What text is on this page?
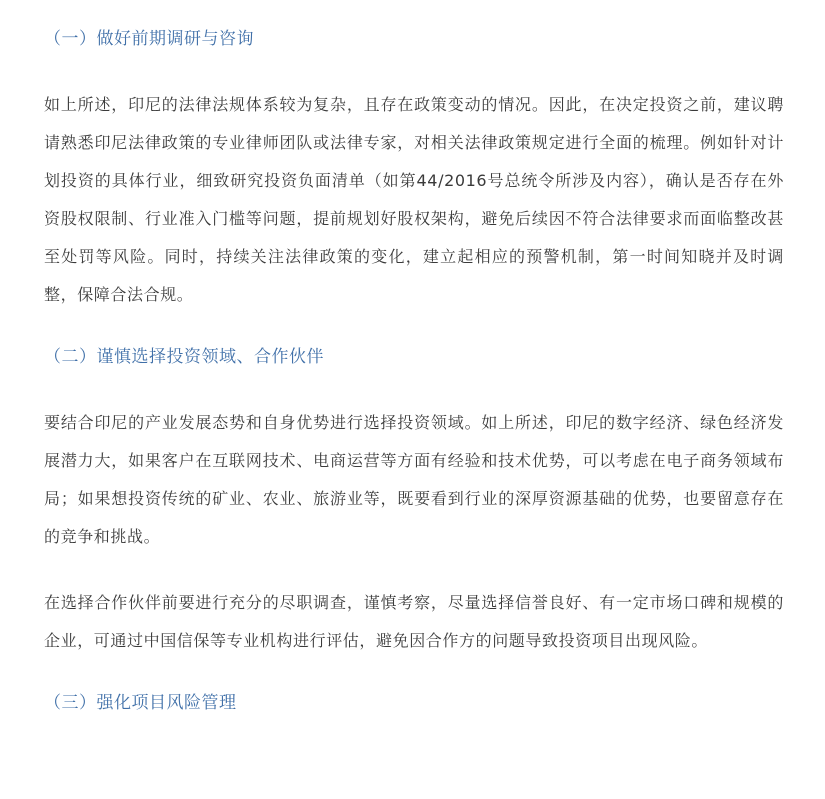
（一）做好前期调研与咨询

如上所述，印尼的法律法规体系较为复杂，且存在政策变动的情况。因此，在决定投资之前，建议聘请熟悉印尼法律政策的专业律师团队或法律专家，对相关法律政策规定进行全面的梳理。例如针对计划投资的具体行业，细致研究投资负面清单（如第44/2016号总统令所涉及内容），确认是否存在外资股权限制、行业准入门槛等问题，提前规划好股权架构，避免后续因不符合法律要求而面临整改甚至处罚等风险。同时，持续关注法律政策的变化，建立起相应的预警机制，第一时间知晓并及时调整，保障合法合规。

（二）谨慎选择投资领域、合作伙伴

要结合印尼的产业发展态势和自身优势进行选择投资领域。如上所述，印尼的数字经济、绿色经济发展潜力大，如果客户在互联网技术、电商运营等方面有经验和技术优势，可以考虑在电子商务领域布局；如果想投资传统的矿业、农业、旅游业等，既要看到行业的深厚资源基础的优势，也要留意存在的竞争和挑战。

在选择合作伙伴前要进行充分的尽职调查，谨慎考察，尽量选择信誉良好、有一定市场口碑和规模的企业，可通过中国信保等专业机构进行评估，避免因合作方的问题导致投资项目出现风险。

（三）强化项目风险管理
